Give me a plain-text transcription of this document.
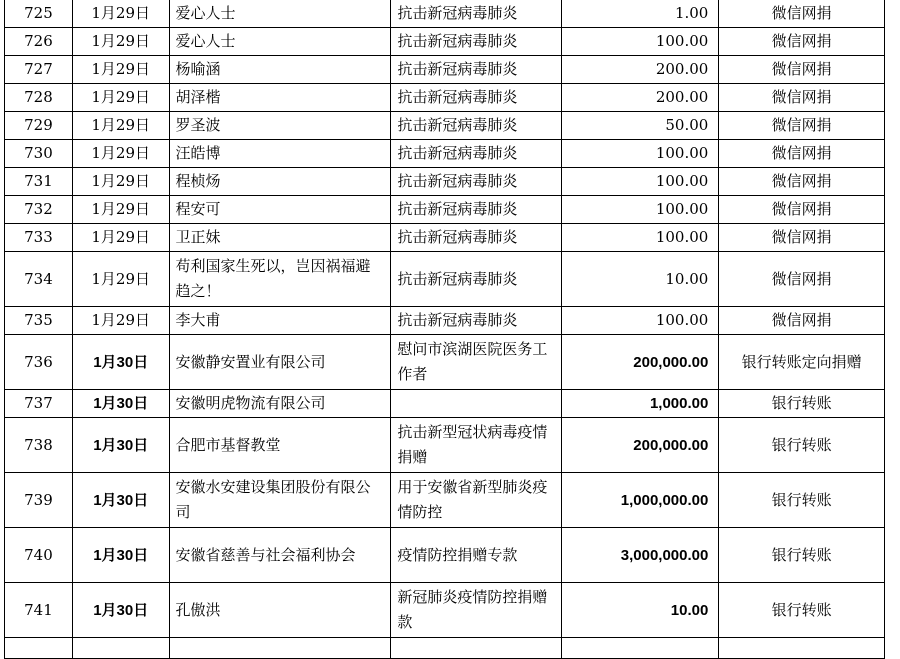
725	1月29日	爱心人士	抗击新冠病毒肺炎	1.00	微信网捐
726	1月29日	爱心人士	抗击新冠病毒肺炎	100.00	微信网捐
727	1月29日	杨喻涵	抗击新冠病毒肺炎	200.00	微信网捐
728	1月29日	胡泽楷	抗击新冠病毒肺炎	200.00	微信网捐
729	1月29日	罗圣波	抗击新冠病毒肺炎	50.00	微信网捐
730	1月29日	汪皓博	抗击新冠病毒肺炎	100.00	微信网捐
731	1月29日	程桢炀	抗击新冠病毒肺炎	100.00	微信网捐
732	1月29日	程安可	抗击新冠病毒肺炎	100.00	微信网捐
733	1月29日	卫正妹	抗击新冠病毒肺炎	100.00	微信网捐
734	1月29日	苟利国家生死以，岂因祸福避趋之！	抗击新冠病毒肺炎	10.00	微信网捐
735	1月29日	李大甫	抗击新冠病毒肺炎	100.00	微信网捐
736	1月30日	安徽静安置业有限公司	慰问市滨湖医院医务工作者	200,000.00	银行转账定向捐赠
737	1月30日	安徽明虎物流有限公司		1,000.00	银行转账
738	1月30日	合肥市基督教堂	抗击新型冠状病毒疫情捐赠	200,000.00	银行转账
739	1月30日	安徽水安建设集团股份有限公司	用于安徽省新型肺炎疫情防控	1,000,000.00	银行转账
740	1月30日	安徽省慈善与社会福利协会	疫情防控捐赠专款	3,000,000.00	银行转账
741	1月30日	孔傲洪	新冠肺炎疫情防控捐赠款	10.00	银行转账
